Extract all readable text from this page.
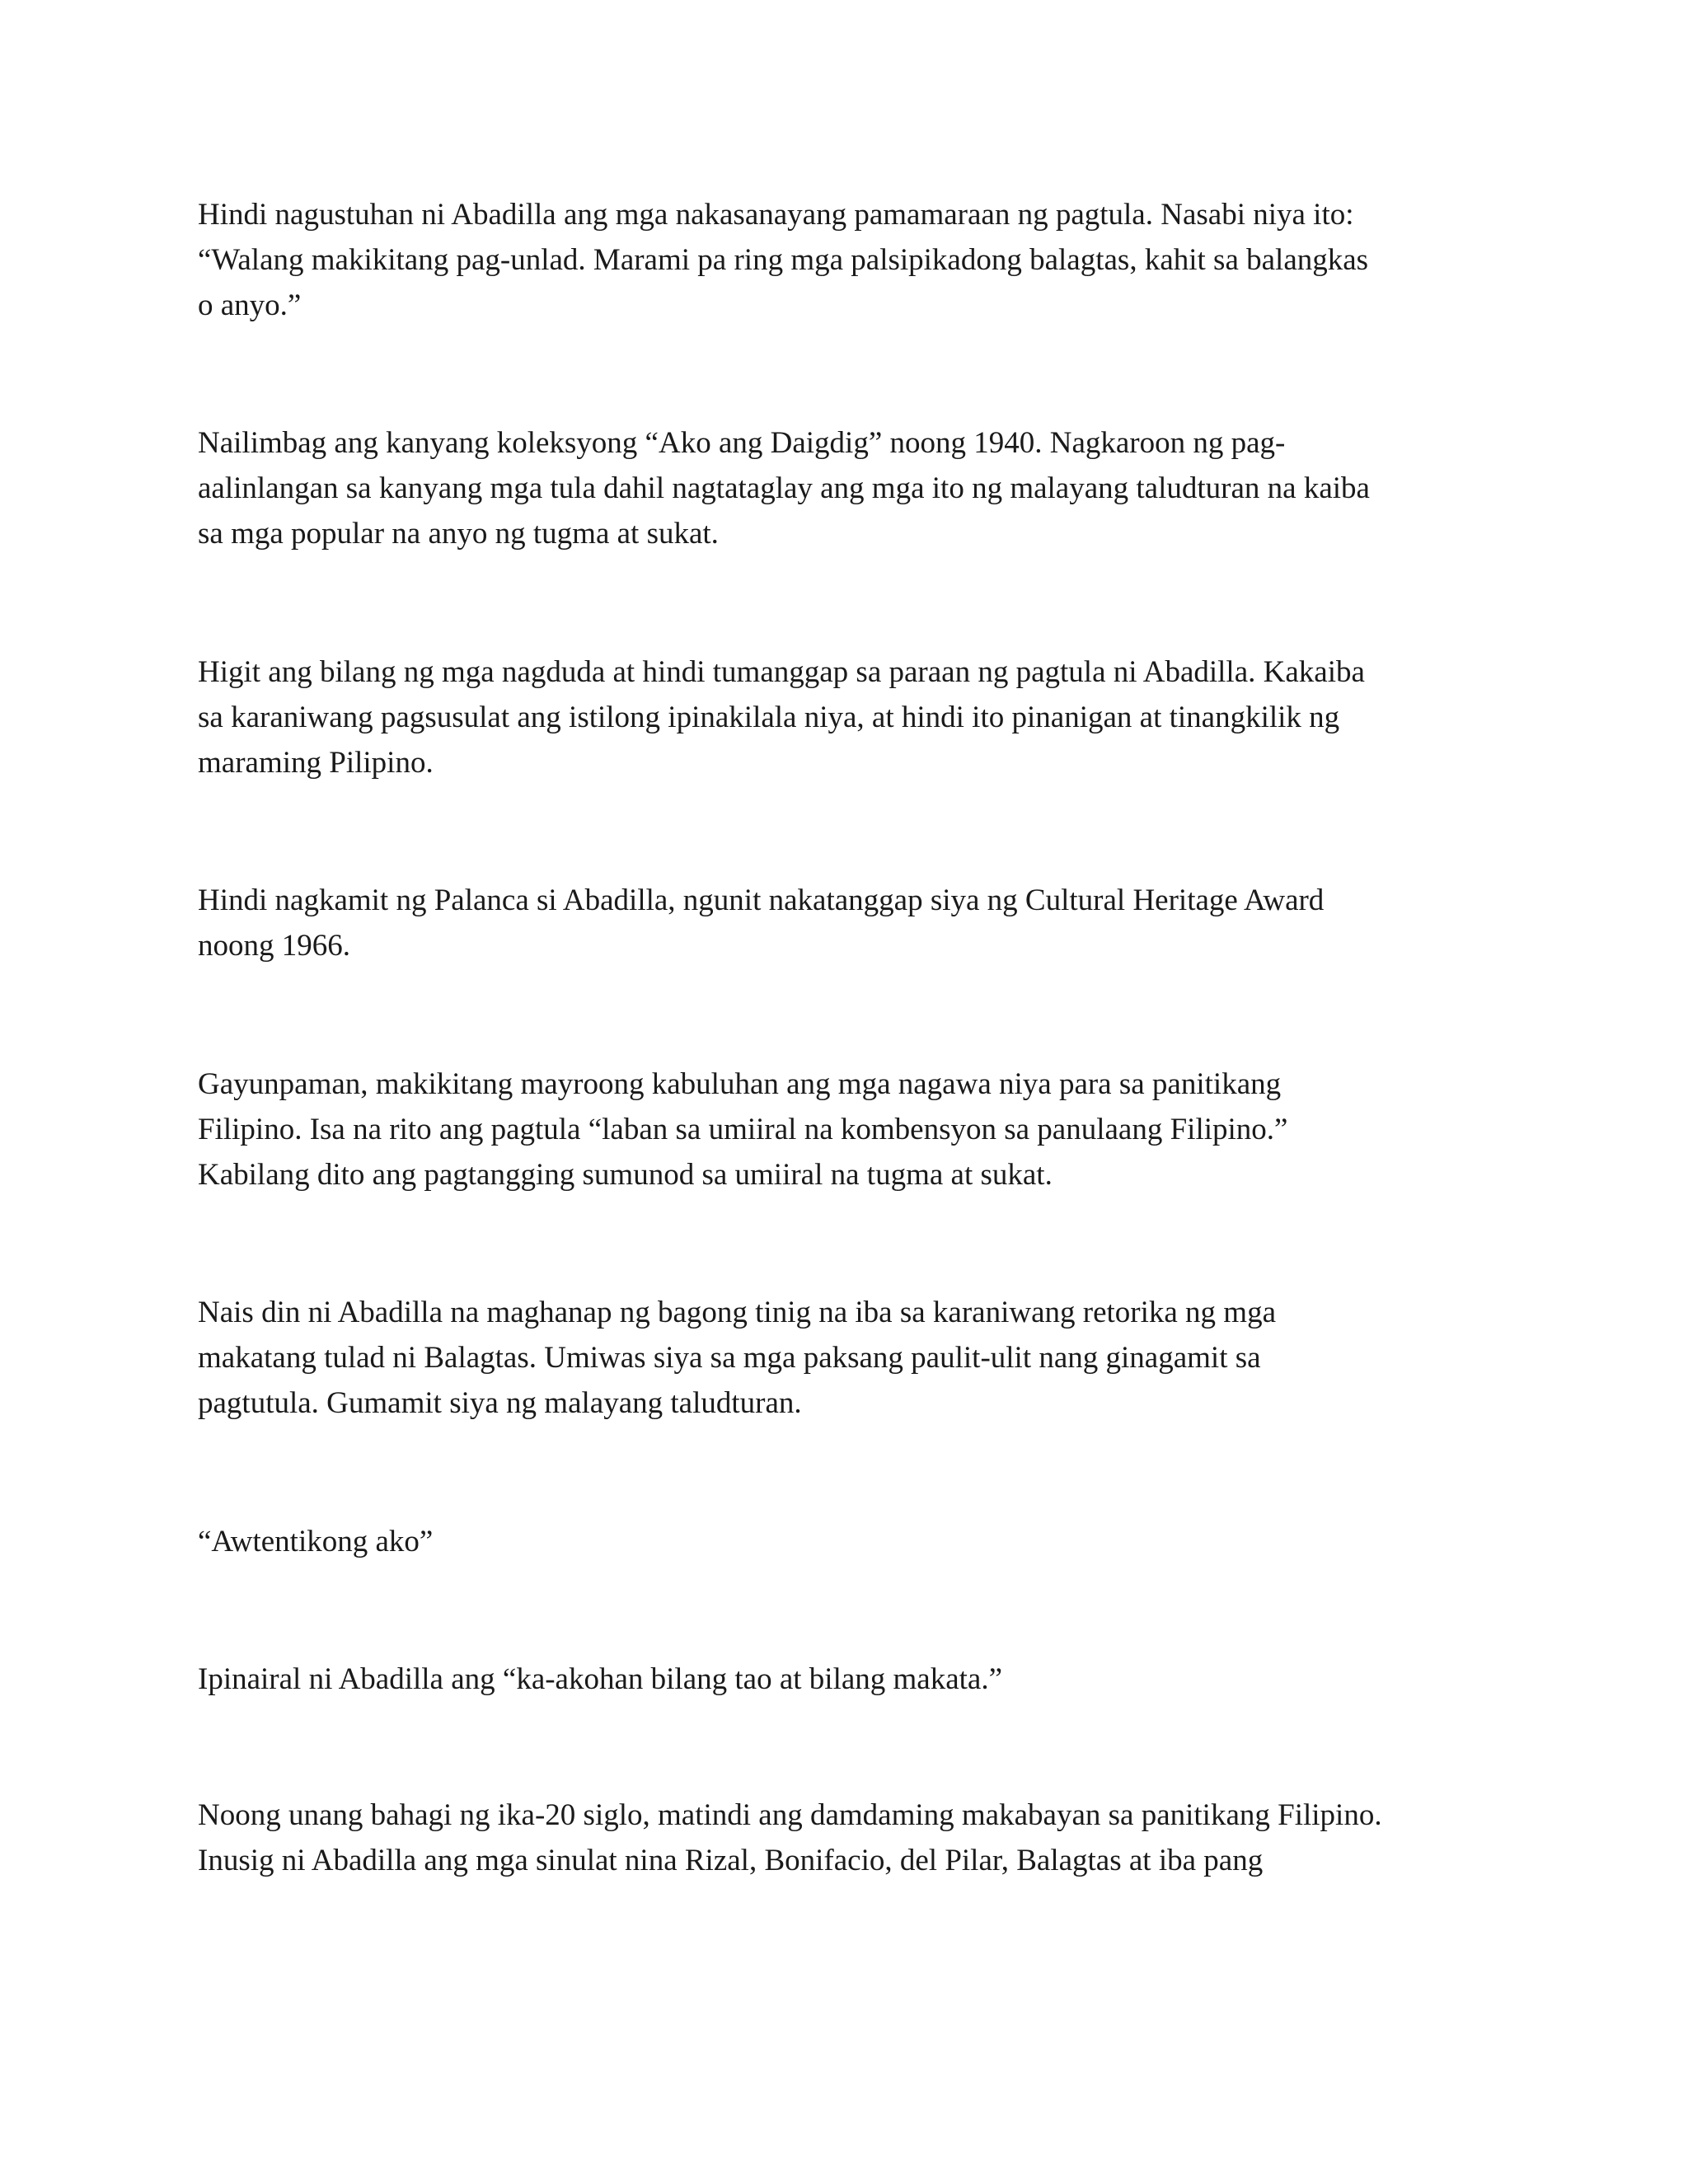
Hindi nagustuhan ni Abadilla ang mga nakasanayang pamamaraan ng pagtula. Nasabi niya ito:
“Walang makikitang pag-unlad. Marami pa ring mga palsipikadong balagtas, kahit sa balangkas
o anyo.”

Nailimbag ang kanyang koleksyong “Ako ang Daigdig” noong 1940. Nagkaroon ng pag-
aalinlangan sa kanyang mga tula dahil nagtataglay ang mga ito ng malayang taludturan na kaiba
sa mga popular na anyo ng tugma at sukat.

Higit ang bilang ng mga nagduda at hindi tumanggap sa paraan ng pagtula ni Abadilla. Kakaiba
sa karaniwang pagsusulat ang istilong ipinakilala niya, at hindi ito pinanigan at tinangkilik ng
maraming Pilipino.

Hindi nagkamit ng Palanca si Abadilla, ngunit nakatanggap siya ng Cultural Heritage Award
noong 1966.

Gayunpaman, makikitang mayroong kabuluhan ang mga nagawa niya para sa panitikang
Filipino. Isa na rito ang pagtula “laban sa umiiral na kombensyon sa panulaang Filipino.”
Kabilang dito ang pagtangging sumunod sa umiiral na tugma at sukat.

Nais din ni Abadilla na maghanap ng bagong tinig na iba sa karaniwang retorika ng mga
makatang tulad ni Balagtas. Umiwas siya sa mga paksang paulit-ulit nang ginagamit sa
pagtutula. Gumamit siya ng malayang taludturan.

“Awtentikong ako”

Ipinairal ni Abadilla ang “ka-akohan bilang tao at bilang makata.”

Noong unang bahagi ng ika-20 siglo, matindi ang damdaming makabayan sa panitikang Filipino.
Inusig ni Abadilla ang mga sinulat nina Rizal, Bonifacio, del Pilar, Balagtas at iba pang
